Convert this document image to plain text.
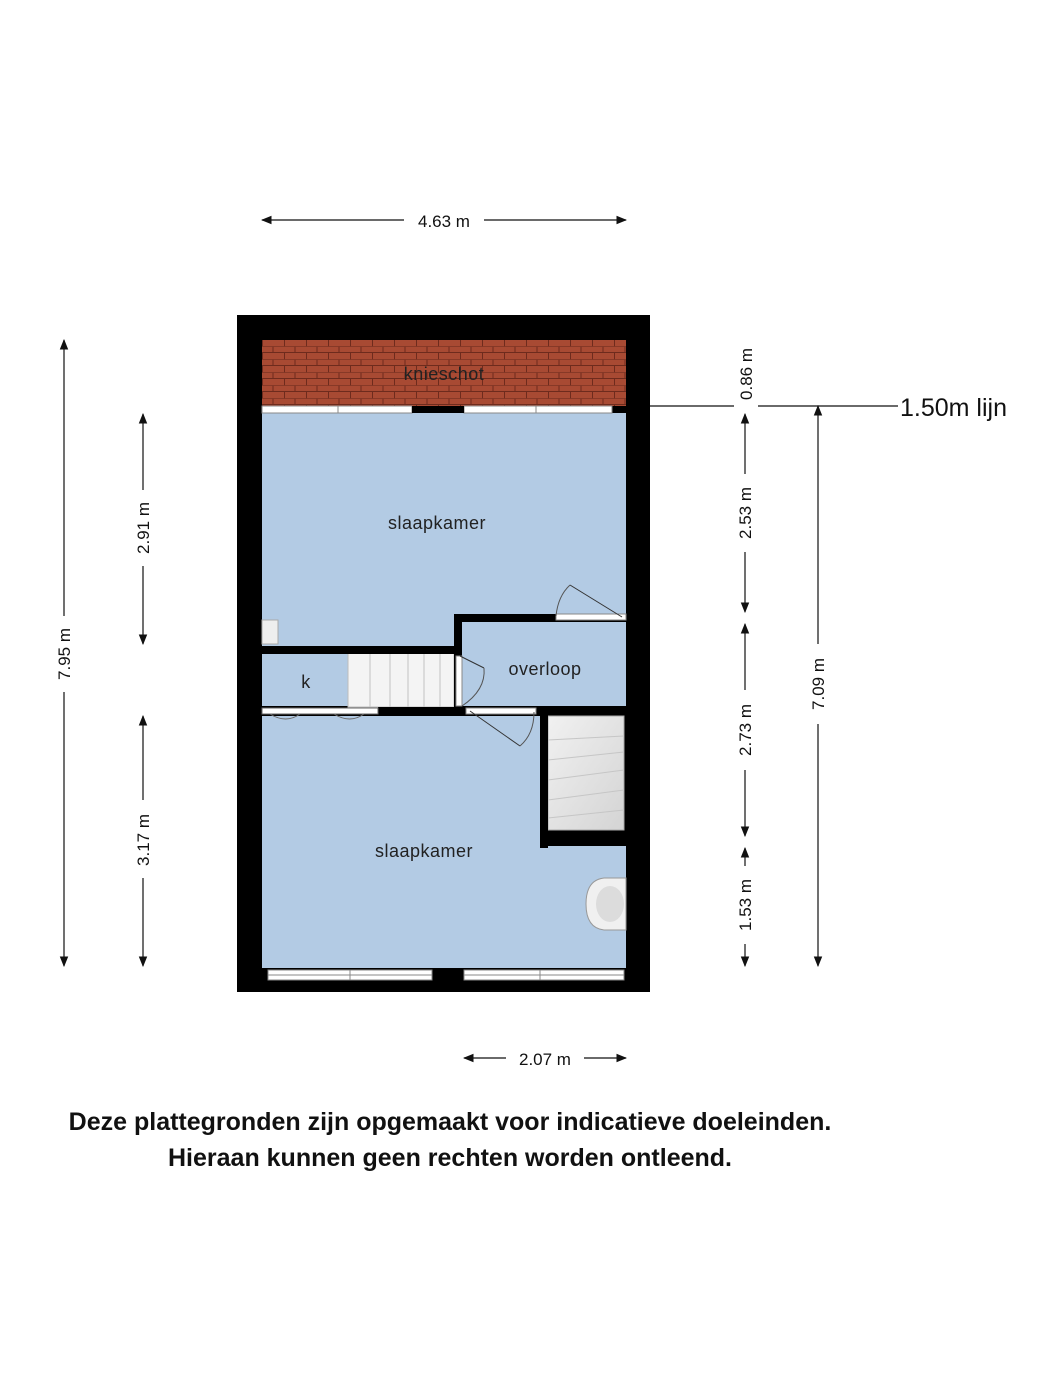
knieschot
slaapkamer
overloop
k
slaapkamer
1.50m lijn
4.63 m
2.07 m
7.95 m
2.91 m
3.17 m
0.86 m
2.53 m
2.73 m
1.53 m
7.09 m
Deze plattegronden zijn opgemaakt voor indicatieve doeleinden.
Hieraan kunnen geen rechten worden ontleend.
